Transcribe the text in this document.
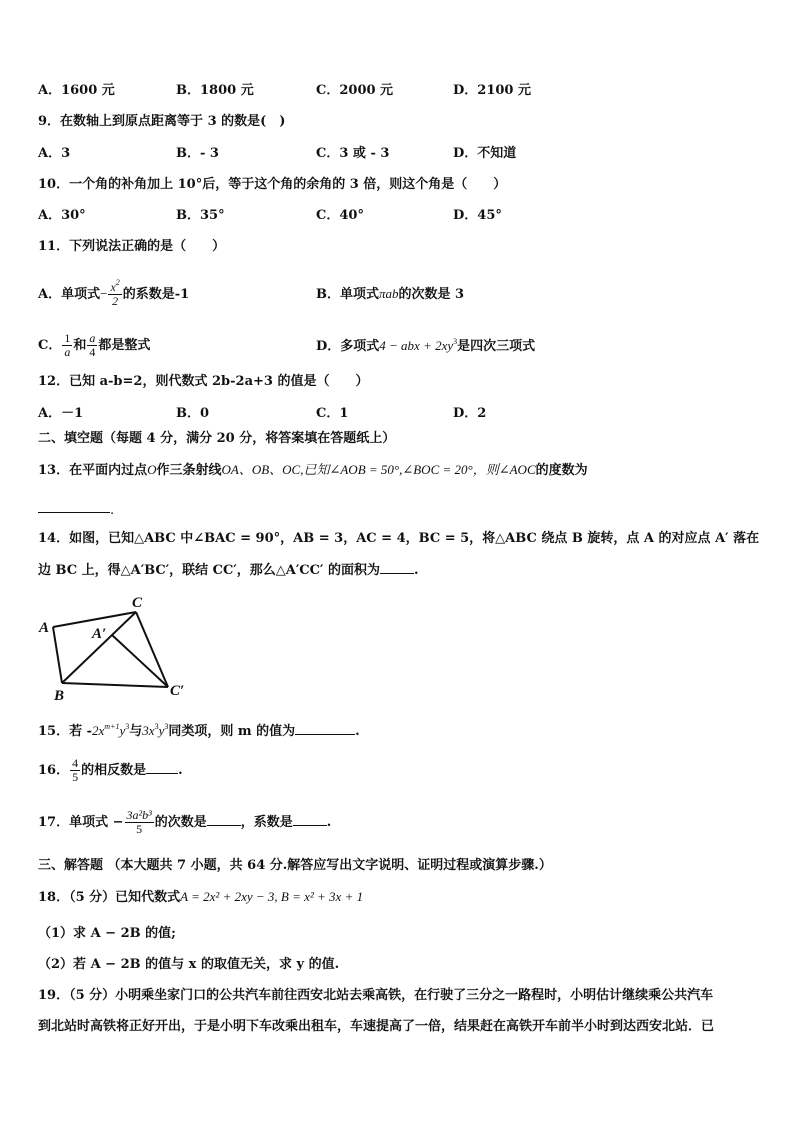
A．1600 元	B．1800 元	C．2000 元	D．2100 元
9．在数轴上到原点距离等于 3 的数是(　)
A．3	B．- 3	C．3 或 - 3	D．不知道
10．一个角的补角加上 10°后，等于这个角的余角的 3 倍，则这个角是（　　）
A．30°	B．35°	C．40°	D．45°
11．下列说法正确的是（　　）
A．单项式− $\frac{x^2}{2}$ 的系数是-1	B．单项式πab的次数是 3
C． $\frac{1}{a}$ 和 $\frac{a}{4}$ 都是整式	D．多项式4 − abx + $2xy^3$是四次三项式
12．已知 a-b=2，则代数式 2b-2a+3 的值是（　　）
A．－1	B．0	C．1	D．2
二、填空题（每题 4 分，满分 20 分，将答案填在答题纸上）
13．在平面内过点O作三条射线OA、OB、OC,已知∠AOB = 50°,∠BOC = 20°，则∠AOC的度数为
.
14．如图，已知△ABC 中∠BAC = 90°，AB = 3，AC = 4，BC = 5，将△ABC 绕点 B 旋转，点 A 的对应点 A′ 落在
边 BC 上，得△A′BC′，联结 CC′，那么△A′CC′ 的面积为	.
A
B
C
A′
C′
15．若 $-2x^{m+1}y^3$与$3x^3y^3$同类项，则 m 的值为	.
16． $\frac{4}{5}$ 的相反数是 .
17．单项式 − $\frac{\text{3a²b³}}{5}$ 的次数是	，系数是	.
三、解答题 （本大题共 7 小题，共 64 分.解答应写出文字说明、证明过程或演算步骤.）
18．（5 分）已知代数式A = 2x² + 2xy − 3, B = x² + 3x + 1
（1）求 A − 2B 的值;
（2）若 A − 2B 的值与 x 的取值无关，求 y 的值.
19．（5 分）小明乘坐家门口的公共汽车前往西安北站去乘高铁，在行驶了三分之一路程时，小明估计继续乘公共汽车
到北站时高铁将正好开出，于是小明下车改乘出租车，车速提高了一倍，结果赶在高铁开车前半小时到达西安北站．已
